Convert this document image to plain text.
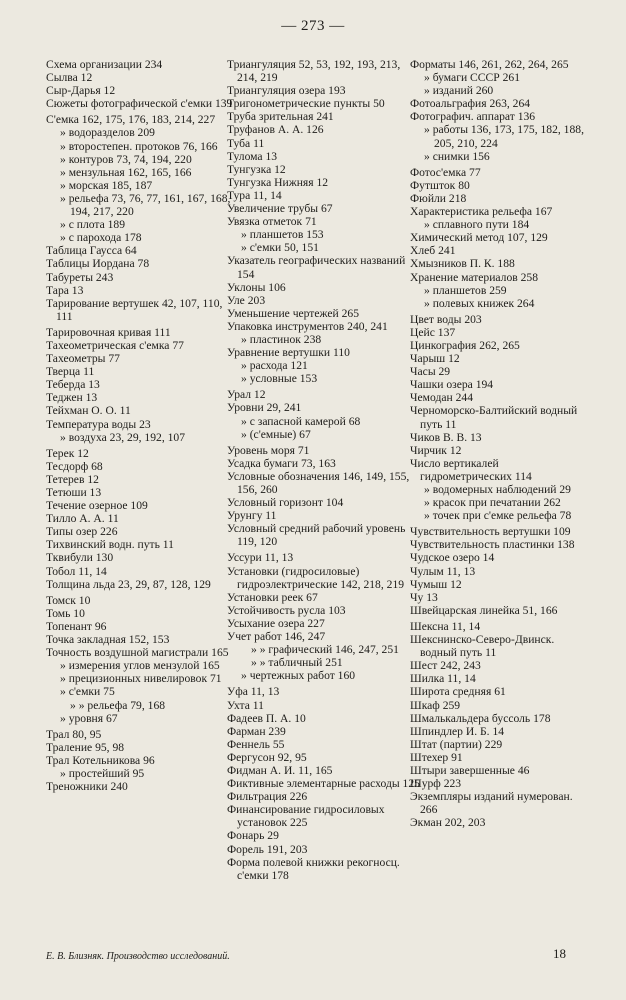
— 273 —

Схема организации 234

Сылва 12

Сыр-Дарья 12

Сюжеты фотографической с'емки 139

С'емка 162, 175, 176, 183, 214, 227

» водоразделов 209

» второстепен. протоков 76, 166

» контуров 73, 74, 194, 220

» мензульная 162, 165, 166

» морская 185, 187

» рельефа 73, 76, 77, 161, 167, 168, 194, 217, 220

» с плота 189

» с парохода 178

Таблица Гаусса 64

Таблицы Иордана 78

Табуреты 243

Тара 13

Тарирование вертушек 42, 107, 110, 111

Тарировочная кривая 111

Тахеометрическая с'емка 77

Тахеометры 77

Тверца 11

Теберда 13

Теджен 13

Тейхман О. О. 11

Температура воды 23

» воздуха 23, 29, 192, 107

Терек 12

Тесдорф 68

Тетерев 12

Тетюши 13

Течение озерное 109

Тилло А. А. 11

Типы озер 226

Тихвинский водн. путь 11

Тквибули 130

Тобол 11, 14

Толщина льда 23, 29, 87, 128, 129

Томск 10

Томь 10

Топенант 96

Точка закладная 152, 153

Точность воздушной магистрали 165

» измерения углов мензулой 165

» прецизионных нивелировок 71

» с'емки 75

» » рельефа 79, 168

» уровня 67

Трал 80, 95

Траление 95, 98

Трал Котельникова 96

» простейший 95

Треножники 240

Триангуляция 52, 53, 192, 193, 213, 214, 219

Триангуляция озера 193

Тригонометрические пункты 50

Труба зрительная 241

Труфанов А. А. 126

Туба 11

Тулома 13

Тунгузка 12

Тунгузка Нижняя 12

Тура 11, 14

Увеличение трубы 67

Увязка отметок 71

» планшетов 153

» с'емки 50, 151

Указатель географических названий 154

Уклоны 106

Уле 203

Уменьшение чертежей 265

Упаковка инструментов 240, 241

» пластинок 238

Уравнение вертушки 110

» расхода 121

» условные 153

Урал 12

Уровни 29, 241

» с запасной камерой 68

» (с'емные) 67

Уровень моря 71

Усадка бумаги 73, 163

Условные обозначения 146, 149, 155, 156, 260

Условный горизонт 104

Урунгу 11

Условный средний рабочий уровень 119, 120

Уссури 11, 13

Установки (гидросиловые) гидроэлектрические 142, 218, 219

Установки реек 67

Устойчивость русла 103

Усыхание озера 227

Учет работ 146, 247

» » графический 146, 247, 251

» » табличный 251

» чертежных работ 160

Уфа 11, 13

Ухта 11

Фадеев П. А. 10

Фарман 239

Феннель 55

Фергусон 92, 95

Фидман А. И. 11, 165

Фиктивные элементарные расходы 125

Фильтрация 226

Финансирование гидросиловых установок 225

Фонарь 29

Форель 191, 203

Форма полевой книжки рекогносц. с'емки 178

Форматы 146, 261, 262, 264, 265

» бумаги СССР 261

» изданий 260

Фотоальграфия 263, 264

Фотографич. аппарат 136

» работы 136, 173, 175, 182, 188, 205, 210, 224

» снимки 156

Фотос'емка 77

Футшток 80

Фюйли 218

Характеристика рельефа 167

» сплавного пути 184

Химический метод 107, 129

Хлеб 241

Хмызников П. К. 188

Хранение материалов 258

» планшетов 259

» полевых книжек 264

Цвет воды 203

Цейс 137

Цинкография 262, 265

Чарыш 12

Часы 29

Чашки озера 194

Чемодан 244

Черноморско-Балтийский водный путь 11

Чиков В. В. 13

Чирчик 12

Число вертикалей гидрометрических 114

» водомерных наблюдений 29

» красок при печатании 262

» точек при с'емке рельефа 78

Чувствительность вертушки 109

Чувствительность пластинки 138

Чудское озеро 14

Чулым 11, 13

Чумыш 12

Чу 13

Швейцарская линейка 51, 166

Шексна 11, 14

Шекснинско-Северо-Двинск. водный путь 11

Шест 242, 243

Шилка 11, 14

Широта средняя 61

Шкаф 259

Шмалькальдера буссоль 178

Шпиндлер И. Б. 14

Штат (партии) 229

Штехер 91

Штыри завершенные 46

Шурф 223

Экземпляры изданий нумерован. 266

Экман 202, 203

Е. В. Близняк. Производство исследований.	18
